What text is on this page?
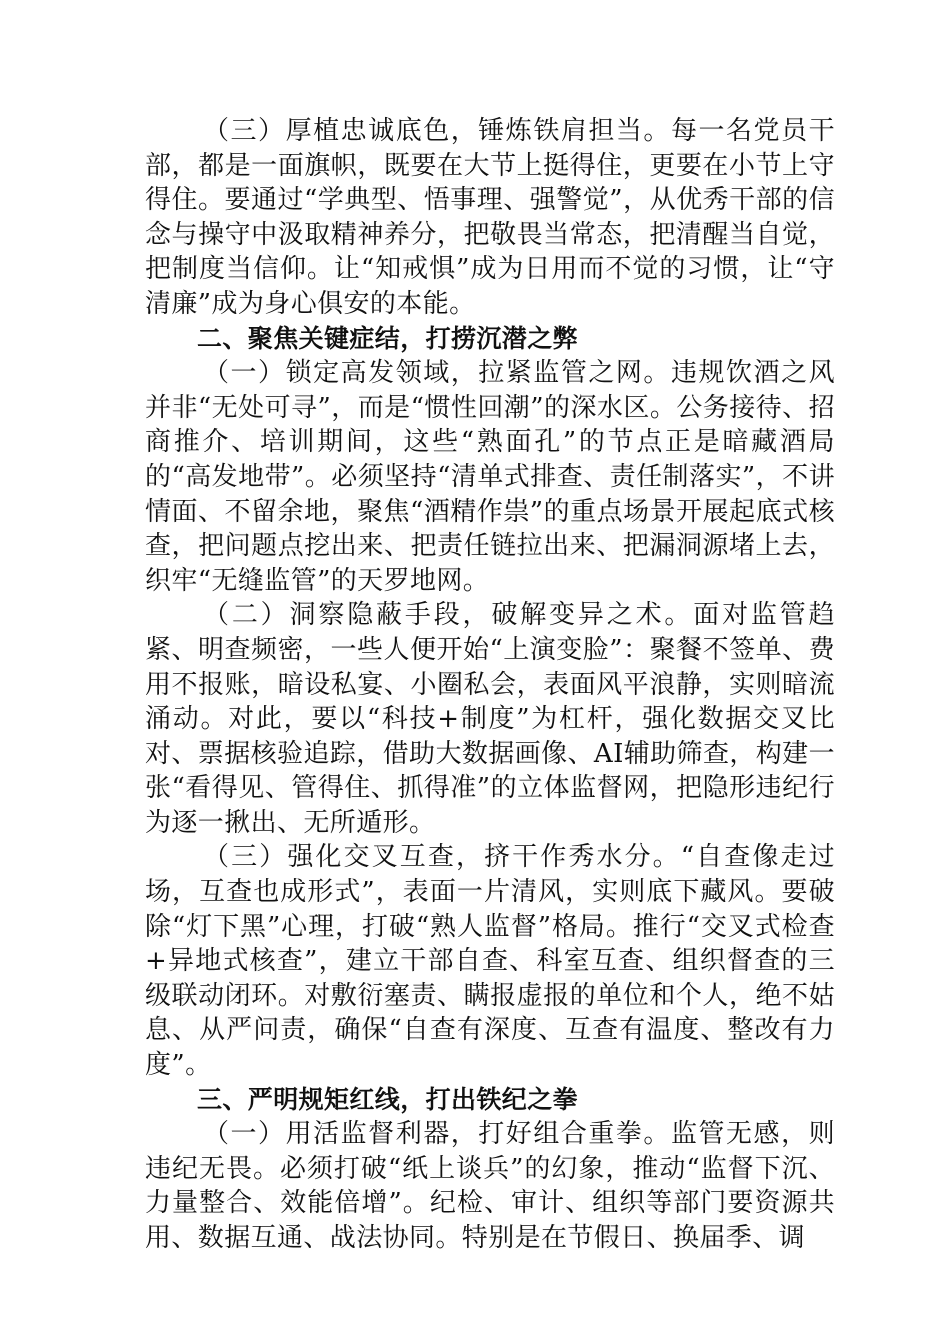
（三）厚植忠诚底色，锤炼铁肩担当。每一名党员干部，都是一面旗帜，既要在大节上挺得住，更要在小节上守得住。要通过“学典型、悟事理、强警觉”，从优秀干部的信念与操守中汲取精神养分，把敬畏当常态，把清醒当自觉，把制度当信仰。让“知戒惧”成为日用而不觉的习惯，让“守清廉”成为身心俱安的本能。

二、聚焦关键症结，打捞沉潜之弊

（一）锁定高发领域，拉紧监管之网。违规饮酒之风并非“无处可寻”，而是“惯性回潮”的深水区。公务接待、招商推介、培训期间，这些“熟面孔”的节点正是暗藏酒局的“高发地带”。必须坚持“清单式排查、责任制落实”，不讲情面、不留余地，聚焦“酒精作祟”的重点场景开展起底式核查，把问题点挖出来、把责任链拉出来、把漏洞源堵上去，织牢“无缝监管”的天罗地网。

（二）洞察隐蔽手段，破解变异之术。面对监管趋紧、明查频密，一些人便开始“上演变脸”：聚餐不签单、费用不报账，暗设私宴、小圈私会，表面风平浪静，实则暗流涌动。对此，要以“科技+制度”为杠杆，强化数据交叉比对、票据核验追踪，借助大数据画像、AI辅助筛查，构建一张“看得见、管得住、抓得准”的立体监督网，把隐形违纪行为逐一揪出、无所遁形。

（三）强化交叉互查，挤干作秀水分。“自查像走过场，互查也成形式”，表面一片清风，实则底下藏风。要破除“灯下黑”心理，打破“熟人监督”格局。推行“交叉式检查+异地式核查”，建立干部自查、科室互查、组织督查的三级联动闭环。对敷衍塞责、瞒报虚报的单位和个人，绝不姑息、从严问责，确保“自查有深度、互查有温度、整改有力度”。

三、严明规矩红线，打出铁纪之拳

（一）用活监督利器，打好组合重拳。监管无感，则违纪无畏。必须打破“纸上谈兵”的幻象，推动“监督下沉、力量整合、效能倍增”。纪检、审计、组织等部门要资源共用、数据互通、战法协同。特别是在节假日、换届季、调
